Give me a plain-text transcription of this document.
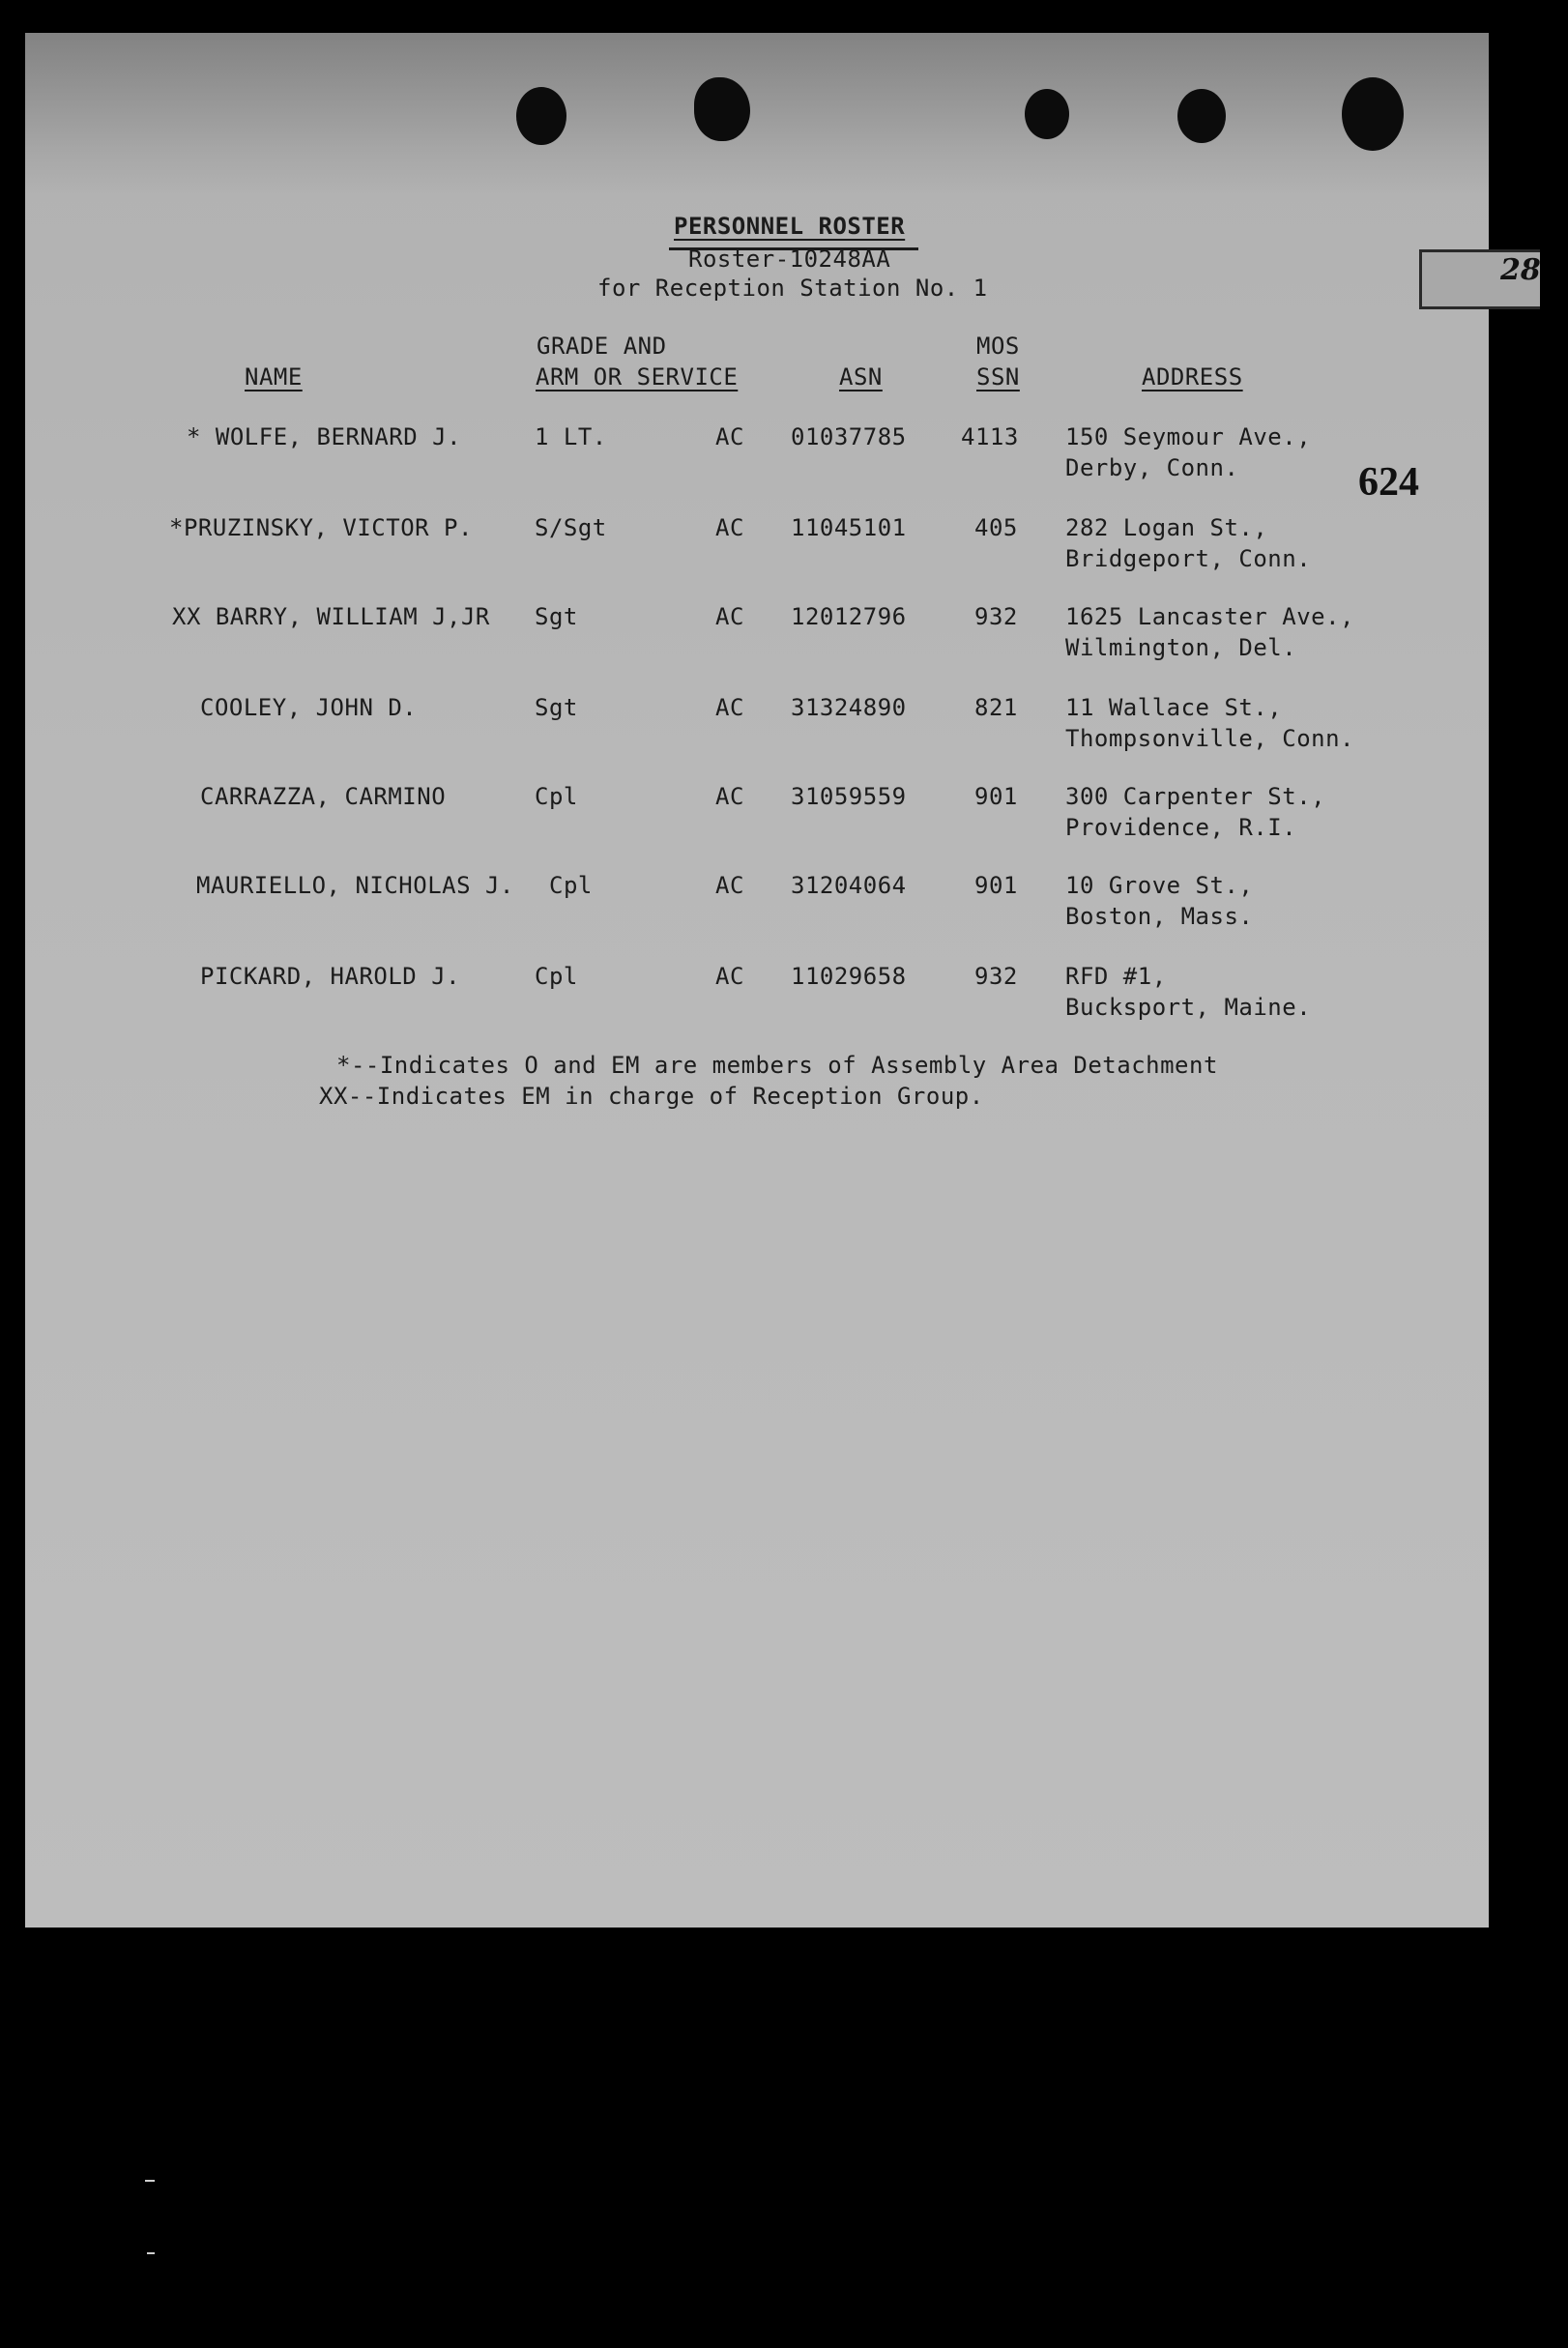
28
624
PERSONNEL ROSTER
Roster-10248AA
for Reception Station No. 1
NAME
GRADE AND
ARM OR SERVICE	ASN
MOS
SSN	ADDRESS
* WOLFE, BERNARD J.	1 LT.	AC 01037785 4113 150 Seymour Ave.,
Derby, Conn.
*PRUZINSKY, VICTOR P.	S/Sgt	AC 11045101	405 282 Logan St.,
Bridgeport, Conn.
XX BARRY, WILLIAM J,JR Sgt	AC 12012796	932 1625 Lancaster Ave.,
Wilmington, Del.
COOLEY, JOHN D.	Sgt	AC 31324890	821 11 Wallace St.,
Thompsonville, Conn.
CARRAZZA, CARMINO	Cpl	AC 31059559	901 300 Carpenter St.,
Providence, R.I.
MAURIELLO, NICHOLAS J. Cpl	AC 31204064	901 10 Grove St.,
Boston, Mass.
PICKARD, HAROLD J.	Cpl	AC 11029658	932 RFD #1,
Bucksport, Maine.
*--Indicates O and EM are members of Assembly Area Detachment
XX--Indicates EM in charge of Reception Group.
